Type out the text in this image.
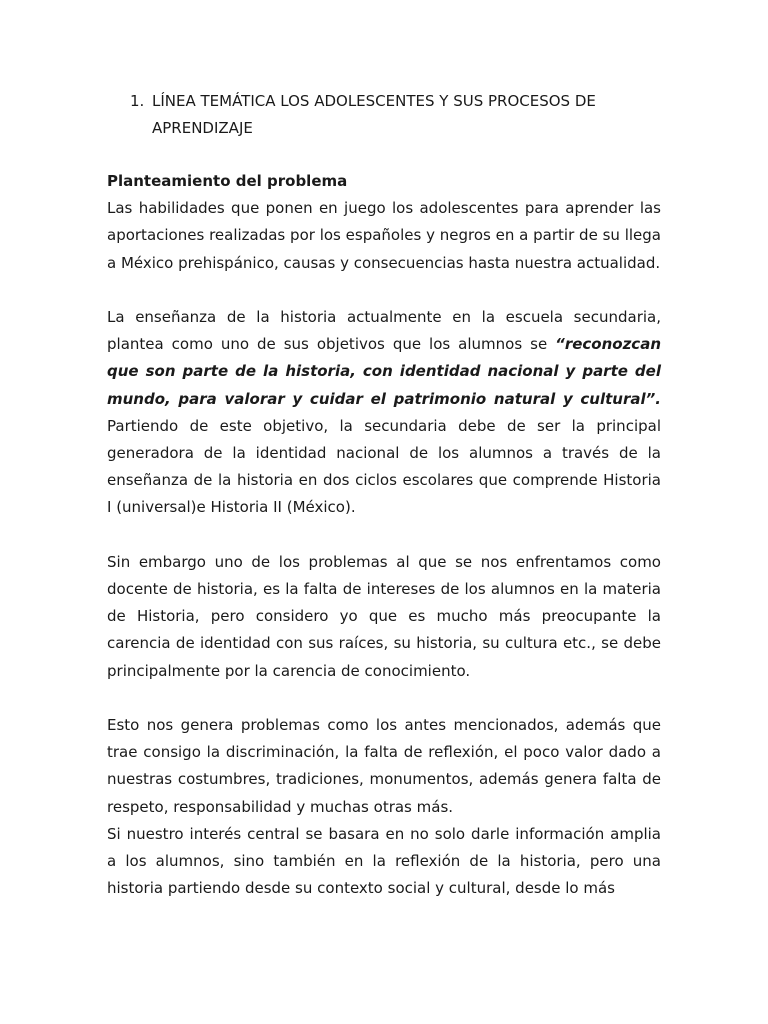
1. LÍNEA TEMÁTICA LOS ADOLESCENTES Y SUS PROCESOS DE APRENDIZAJE
Planteamiento del problema

Las habilidades que ponen en juego los adolescentes para aprender las aportaciones realizadas por los españoles y negros en a partir de su llega a México prehispánico, causas y consecuencias hasta nuestra actualidad.

La enseñanza de la historia actualmente en la escuela secundaria, plantea como uno de sus objetivos que los alumnos se “reconozcan que son parte de la historia, con identidad nacional y parte del mundo, para valorar y cuidar el patrimonio natural y cultural”. Partiendo de este objetivo, la secundaria debe de ser la principal generadora de la identidad nacional de los alumnos a través de la enseñanza de la historia en dos ciclos escolares que comprende Historia I (universal)e Historia II (México).

Sin embargo uno de los problemas al que se nos enfrentamos como docente de historia, es la falta de intereses de los alumnos en la materia de Historia, pero considero yo que es mucho más preocupante la carencia de identidad con sus raíces, su historia, su cultura etc., se debe principalmente por la carencia de conocimiento.

Esto nos genera problemas como los antes mencionados, además que trae consigo la discriminación, la falta de reflexión, el poco valor dado a nuestras costumbres, tradiciones, monumentos, además genera falta de respeto, responsabilidad y muchas otras más.

Si nuestro interés central se basara en no solo darle información amplia a los alumnos, sino también en la reflexión de la historia, pero una historia partiendo desde su contexto social y cultural, desde lo más
